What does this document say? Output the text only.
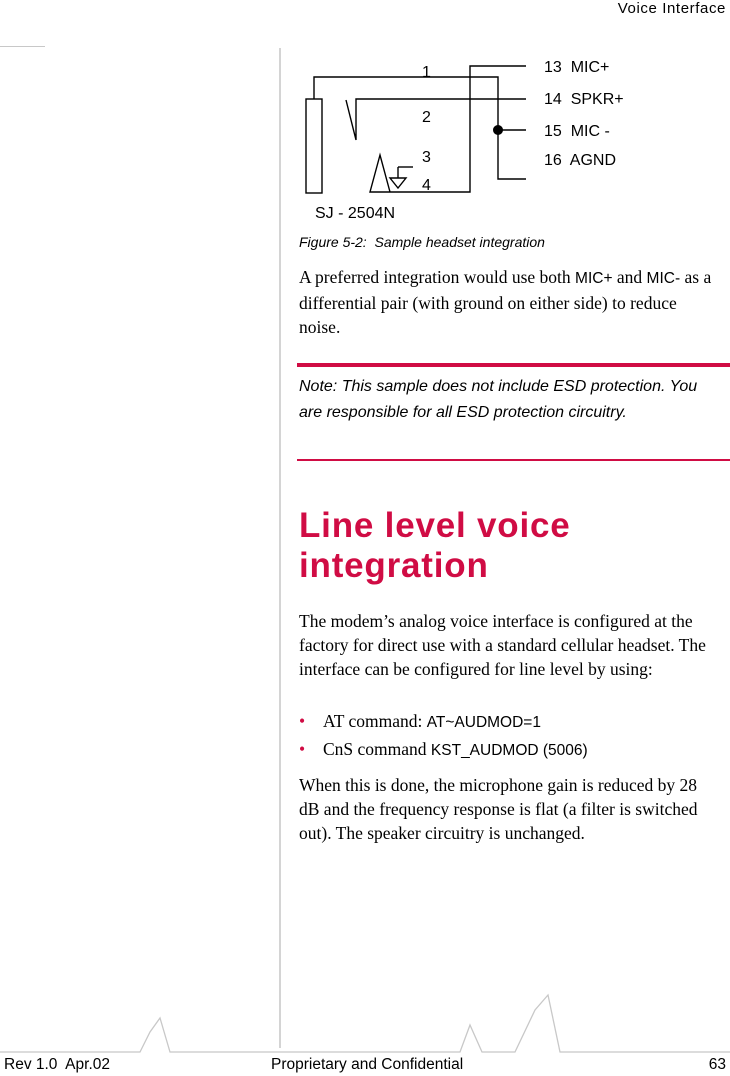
Voice Interface
1
2
3
4
13  MIC+
14  SPKR+
15  MIC -
16  AGND
SJ - 2504N
Figure 5-2:  Sample headset integration
A preferred integration would use both MIC+ and MIC- as a differential pair (with ground on either side) to reduce noise.
Note: This sample does not include ESD protection. You are responsible for all ESD protection circuitry.
Line level voice integration
The modem’s analog voice interface is configured at the factory for direct use with a standard cellular headset. The interface can be configured for line level by using:
• AT command: AT~AUDMOD=1
• CnS command KST_AUDMOD (5006)
When this is done, the microphone gain is reduced by 28 dB and the frequency response is flat (a filter is switched out). The speaker circuitry is unchanged.
Rev 1.0  Apr.02	Proprietary and Confidential	63
